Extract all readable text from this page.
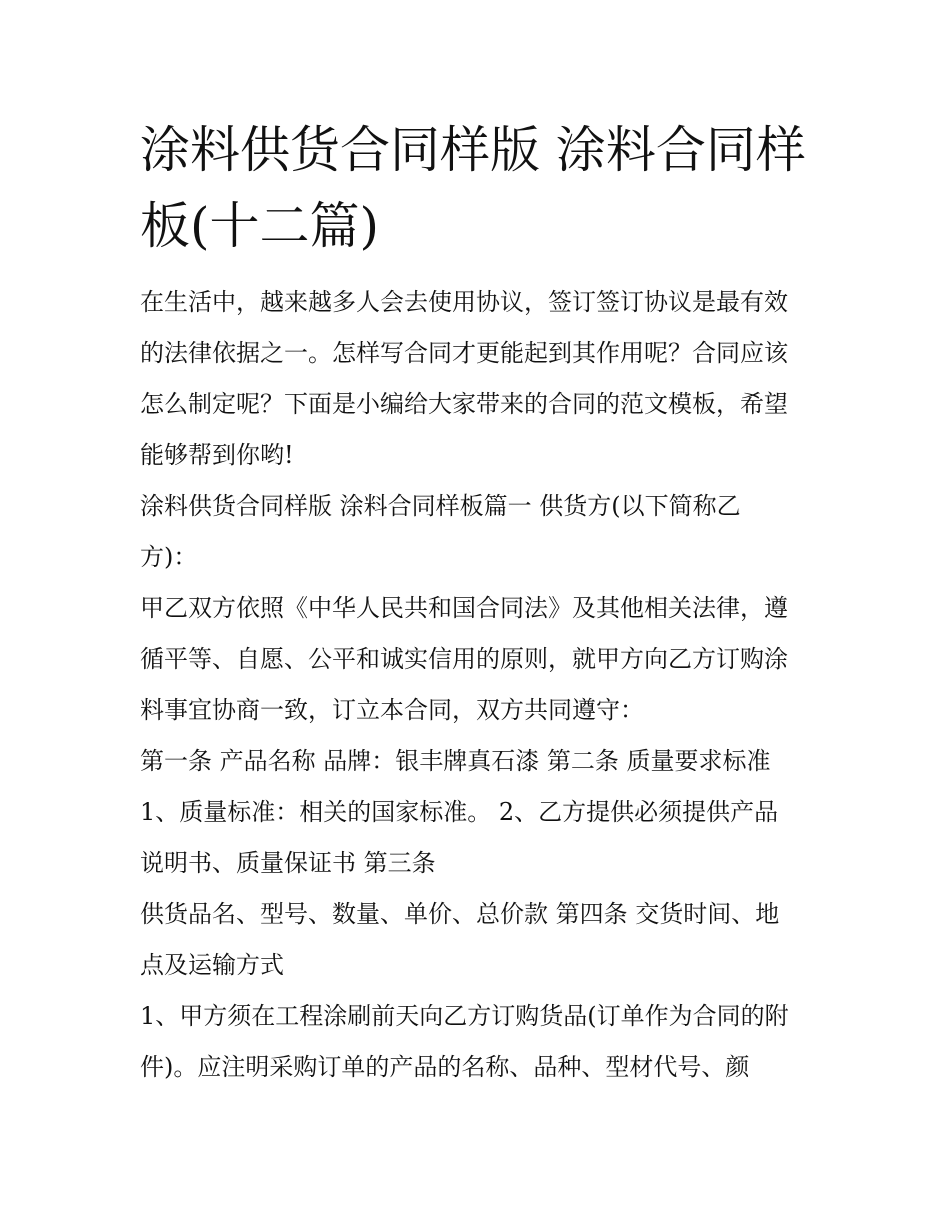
涂料供货合同样版 涂料合同样
板(十二篇)
在生活中，越来越多人会去使用协议，签订签订协议是最有效
的法律依据之一。怎样写合同才更能起到其作用呢？合同应该
怎么制定呢？下面是小编给大家带来的合同的范文模板，希望
能够帮到你哟!
涂料供货合同样版 涂料合同样板篇一 供货方(以下简称乙
方)：
甲乙双方依照《中华人民共和国合同法》及其他相关法律，遵
循平等、自愿、公平和诚实信用的原则，就甲方向乙方订购涂
料事宜协商一致，订立本合同，双方共同遵守：
第一条 产品名称 品牌：银丰牌真石漆 第二条 质量要求标准
1、质量标准：相关的国家标准。 2、乙方提供必须提供产品
说明书、质量保证书 第三条
供货品名、型号、数量、单价、总价款 第四条 交货时间、地
点及运输方式
1、甲方须在工程涂刷前天向乙方订购货品(订单作为合同的附
件)。应注明采购订单的产品的名称、品种、型材代号、颜
